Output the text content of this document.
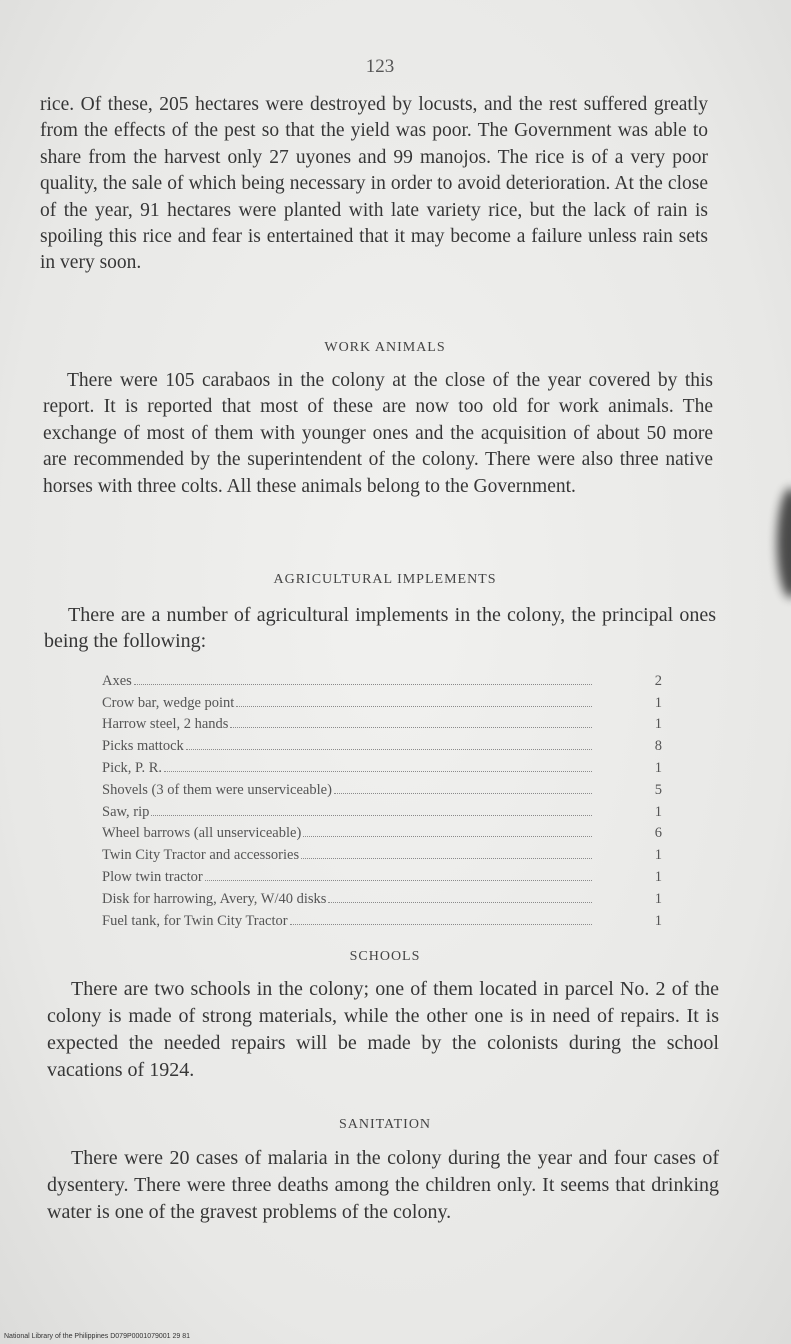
123

rice. Of these, 205 hectares were destroyed by locusts, and the rest suffered greatly from the effects of the pest so that the yield was poor. The Government was able to share from the harvest only 27 uyones and 99 manojos. The rice is of a very poor quality, the sale of which being necessary in order to avoid deterioration. At the close of the year, 91 hectares were planted with late variety rice, but the lack of rain is spoiling this rice and fear is entertained that it may become a failure unless rain sets in very soon.

WORK ANIMALS

There were 105 carabaos in the colony at the close of the year covered by this report. It is reported that most of these are now too old for work animals. The exchange of most of them with younger ones and the acquisition of about 50 more are recommended by the superintendent of the colony. There were also three native horses with three colts. All these animals belong to the Government.

AGRICULTURAL IMPLEMENTS

There are a number of agricultural implements in the colony, the principal ones being the following:

Axes	2
Crow bar, wedge point	1
Harrow steel, 2 hands	1
Picks mattock	8
Pick, P. R.	1
Shovels (3 of them were unserviceable)	5
Saw, rip	1
Wheel barrows (all unserviceable)	6
Twin City Tractor and accessories	1
Plow twin tractor	1
Disk for harrowing, Avery, W/40 disks	1
Fuel tank, for Twin City Tractor	1
SCHOOLS

There are two schools in the colony; one of them located in parcel No. 2 of the colony is made of strong materials, while the other one is in need of repairs. It is expected the needed repairs will be made by the colonists during the school vacations of 1924.

SANITATION

There were 20 cases of malaria in the colony during the year and four cases of dysentery. There were three deaths among the children only. It seems that drinking water is one of the gravest problems of the colony.

National Library of the Philippines D079P0001079001 29 81
